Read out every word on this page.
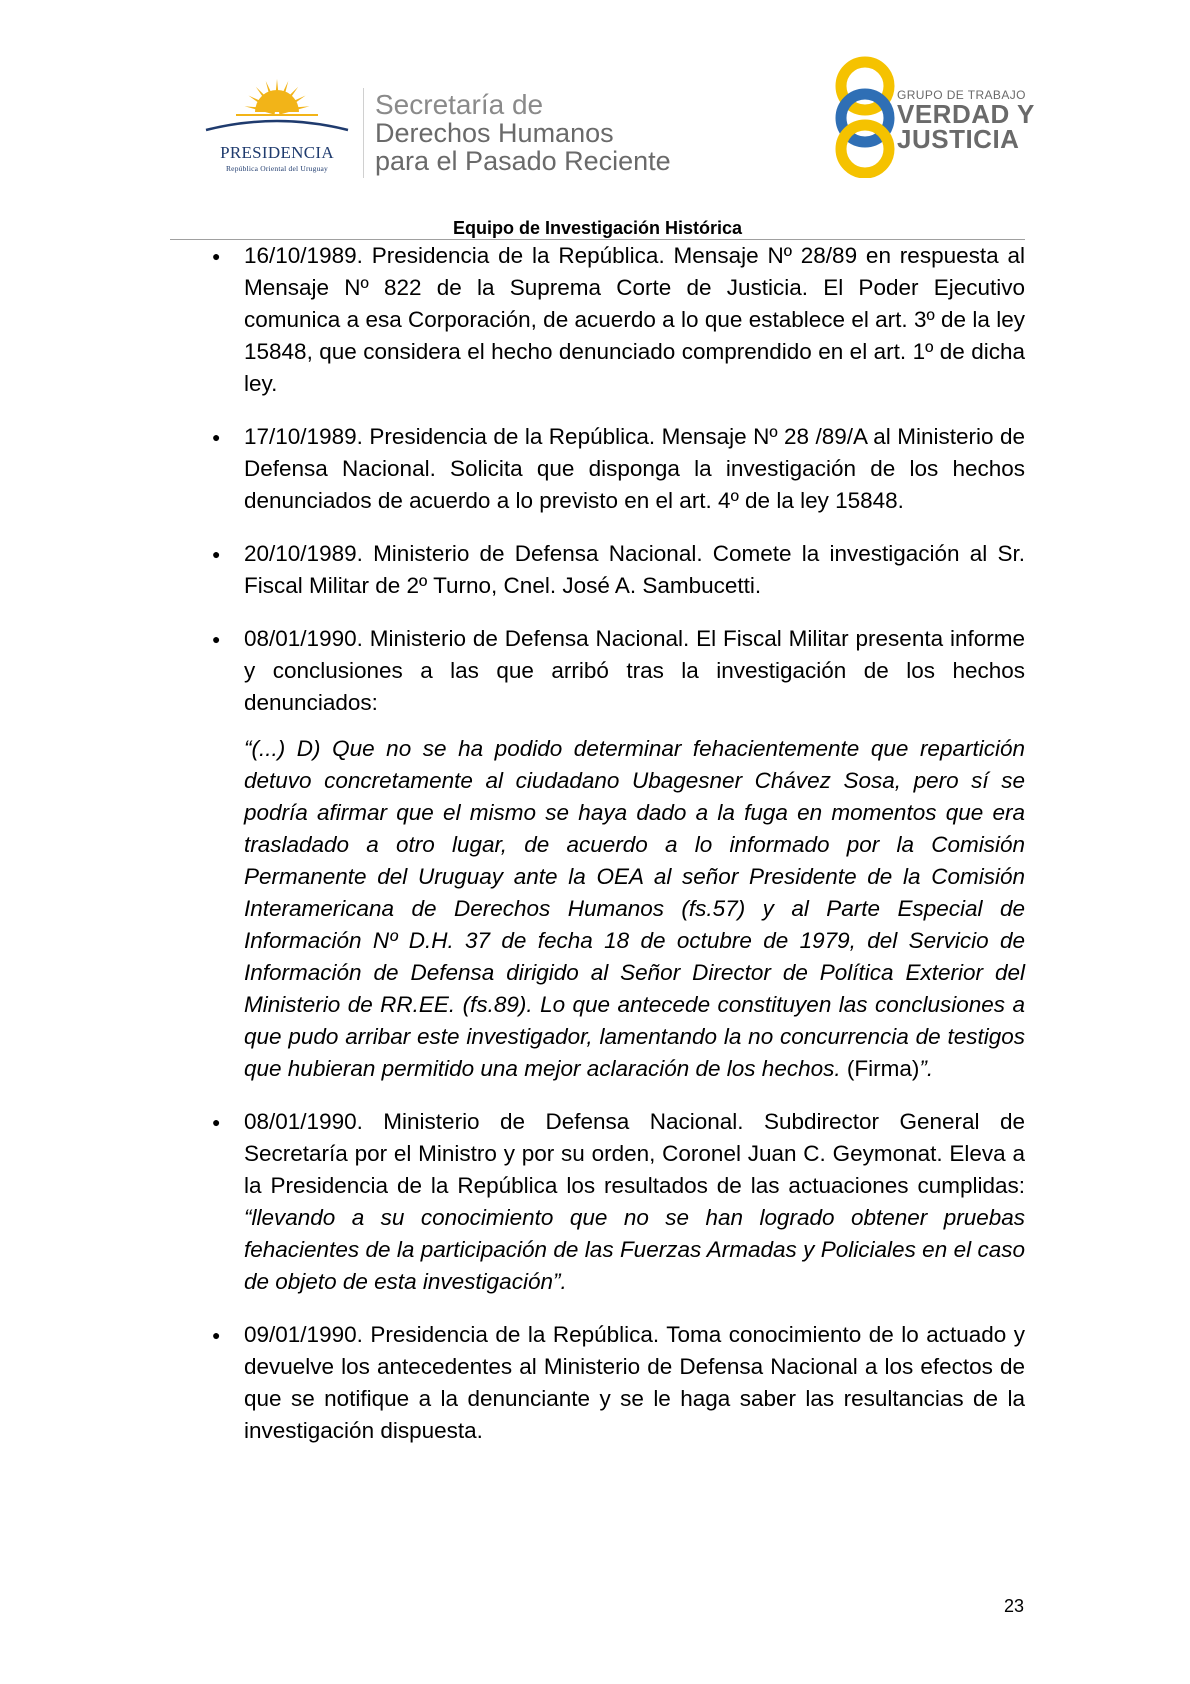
PRESIDENCIA
República Oriental del Uruguay
Secretaría de
Derechos Humanos
para el Pasado Reciente
GRUPO DE TRABAJO
VERDAD Y
JUSTICIA
Equipo de Investigación Histórica
● 16/10/1989. Presidencia de la República. Mensaje Nº 28/89 en respuesta al Mensaje Nº 822 de la Suprema Corte de Justicia. El Poder Ejecutivo comunica a esa Corporación, de acuerdo a lo que establece el art. 3º de la ley 15848, que considera el hecho denunciado comprendido en el art. 1º de dicha ley.

● 17/10/1989. Presidencia de la República. Mensaje Nº 28 /89/A al Ministerio de Defensa Nacional. Solicita que disponga la investigación de los hechos denunciados de acuerdo a lo previsto en el art. 4º de la ley 15848.

● 20/10/1989. Ministerio de Defensa Nacional. Comete la investigación al Sr. Fiscal Militar de 2º Turno, Cnel. José A. Sambucetti.

● 08/01/1990. Ministerio de Defensa Nacional. El Fiscal Militar presenta informe y conclusiones a las que arribó tras la investigación de los hechos denunciados:

“(...) D) Que no se ha podido determinar fehacientemente que repartición detuvo concretamente al ciudadano Ubagesner Chávez Sosa, pero sí se podría afirmar que el mismo se haya dado a la fuga en momentos que era trasladado a otro lugar, de acuerdo a lo informado por la Comisión Permanente del Uruguay ante la OEA al señor Presidente de la Comisión Interamericana de Derechos Humanos (fs.57) y al Parte Especial de Información Nº D.H. 37 de fecha 18 de octubre de 1979, del Servicio de Información de Defensa dirigido al Señor Director de Política Exterior del Ministerio de RR.EE. (fs.89). Lo que antecede constituyen las conclusiones a que pudo arribar este investigador, lamentando la no concurrencia de testigos que hubieran permitido una mejor aclaración de los hechos. (Firma)”.

● 08/01/1990. Ministerio de Defensa Nacional. Subdirector General de Secretaría por el Ministro y por su orden, Coronel Juan C. Geymonat. Eleva a la Presidencia de la República los resultados de las actuaciones cumplidas: “llevando a su conocimiento que no se han logrado obtener pruebas fehacientes de la participación de las Fuerzas Armadas y Policiales en el caso de objeto de esta investigación”.

● 09/01/1990. Presidencia de la República. Toma conocimiento de lo actuado y devuelve los antecedentes al Ministerio de Defensa Nacional a los efectos de que se notifique a la denunciante y se le haga saber las resultancias de la investigación dispuesta.

23
